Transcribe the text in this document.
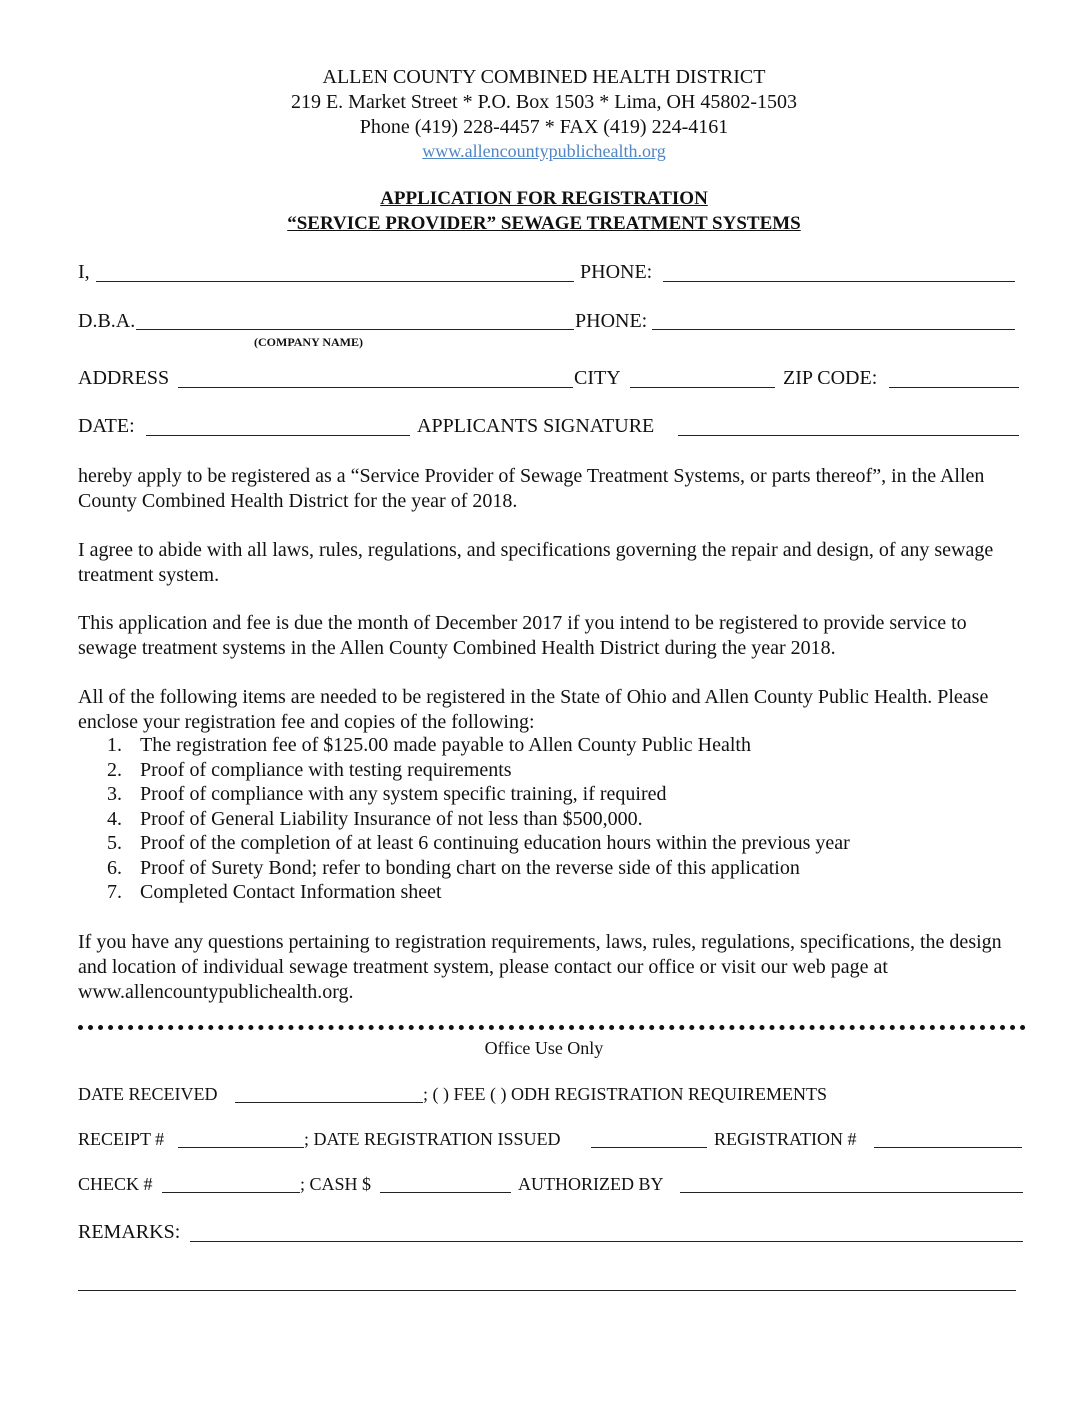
ALLEN COUNTY COMBINED HEALTH DISTRICT
219 E. Market Street * P.O. Box 1503 * Lima, OH 45802-1503
Phone (419) 228-4457 * FAX (419) 224-4161
www.allencountypublichealth.org
APPLICATION FOR REGISTRATION
“SERVICE PROVIDER” SEWAGE TREATMENT SYSTEMS
I,	PHONE:
D.B.A.	PHONE:
(COMPANY NAME)
ADDRESS	CITY	ZIP CODE:
DATE:	APPLICANTS SIGNATURE
hereby apply to be registered as a “Service Provider of Sewage Treatment Systems, or parts thereof”, in the Allen County Combined Health District for the year of 2018.
I agree to abide with all laws, rules, regulations, and specifications governing the repair and design, of any sewage treatment system.
This application and fee is due the month of December 2017 if you intend to be registered to provide service to sewage treatment systems in the Allen County Combined Health District during the year 2018.
All of the following items are needed to be registered in the State of Ohio and Allen County Public Health. Please enclose your registration fee and copies of the following:
1. The registration fee of $125.00 made payable to Allen County Public Health
2. Proof of compliance with testing requirements
3. Proof of compliance with any system specific training, if required
4. Proof of General Liability Insurance of not less than $500,000.
5. Proof of the completion of at least 6 continuing education hours within the previous year
6. Proof of Surety Bond; refer to bonding chart on the reverse side of this application
7. Completed Contact Information sheet
If you have any questions pertaining to registration requirements, laws, rules, regulations, specifications, the design and location of individual sewage treatment system, please contact our office or visit our web page at www.allencountypublichealth.org.
Office Use Only
DATE RECEIVED	; ( ) FEE ( ) ODH REGISTRATION REQUIREMENTS
RECEIPT #	; DATE REGISTRATION ISSUED	REGISTRATION #
CHECK #	; CASH $	AUTHORIZED BY
REMARKS:
